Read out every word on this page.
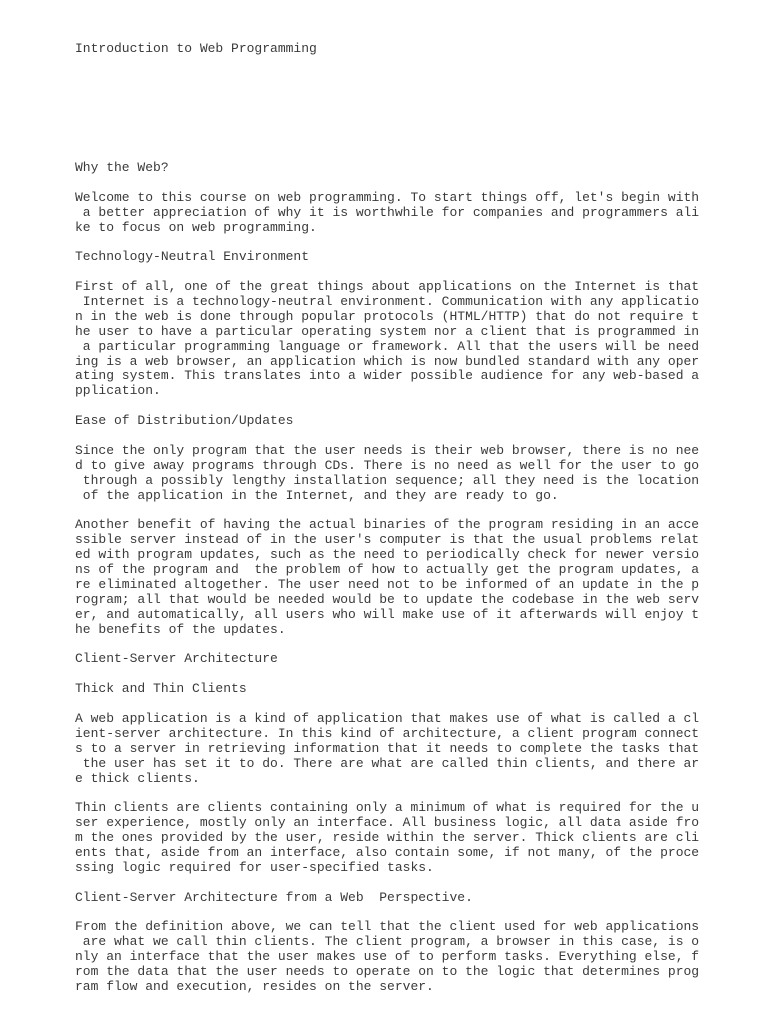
Introduction to Web Programming

Why the Web?
Welcome to this course on web programming. To start things off, let's begin with
a better appreciation of why it is worthwhile for companies and programmers ali
ke to focus on web programming.
Technology-Neutral Environment
First of all, one of the great things about applications on the Internet is that
Internet is a technology-neutral environment. Communication with any applicatio
n in the web is done through popular protocols (HTML/HTTP) that do not require t
he user to have a particular operating system nor a client that is programmed in
a particular programming language or framework. All that the users will be need
ing is a web browser, an application which is now bundled standard with any oper
ating system. This translates into a wider possible audience for any web-based a
pplication.
Ease of Distribution/Updates
Since the only program that the user needs is their web browser, there is no nee
d to give away programs through CDs. There is no need as well for the user to go
through a possibly lengthy installation sequence; all they need is the location
of the application in the Internet, and they are ready to go.
Another benefit of having the actual binaries of the program residing in an acce
ssible server instead of in the user's computer is that the usual problems relat
ed with program updates, such as the need to periodically check for newer versio
ns of the program and  the problem of how to actually get the program updates, a
re eliminated altogether. The user need not to be informed of an update in the p
rogram; all that would be needed would be to update the codebase in the web serv
er, and automatically, all users who will make use of it afterwards will enjoy t
he benefits of the updates.
Client-Server Architecture
Thick and Thin Clients
A web application is a kind of application that makes use of what is called a cl
ient-server architecture. In this kind of architecture, a client program connect
s to a server in retrieving information that it needs to complete the tasks that
the user has set it to do. There are what are called thin clients, and there ar
e thick clients.
Thin clients are clients containing only a minimum of what is required for the u
ser experience, mostly only an interface. All business logic, all data aside fro
m the ones provided by the user, reside within the server. Thick clients are cli
ents that, aside from an interface, also contain some, if not many, of the proce
ssing logic required for user-specified tasks.
Client-Server Architecture from a Web  Perspective.
From the definition above, we can tell that the client used for web applications
are what we call thin clients. The client program, a browser in this case, is o
nly an interface that the user makes use of to perform tasks. Everything else, f
rom the data that the user needs to operate on to the logic that determines prog
ram flow and execution, resides on the server.
